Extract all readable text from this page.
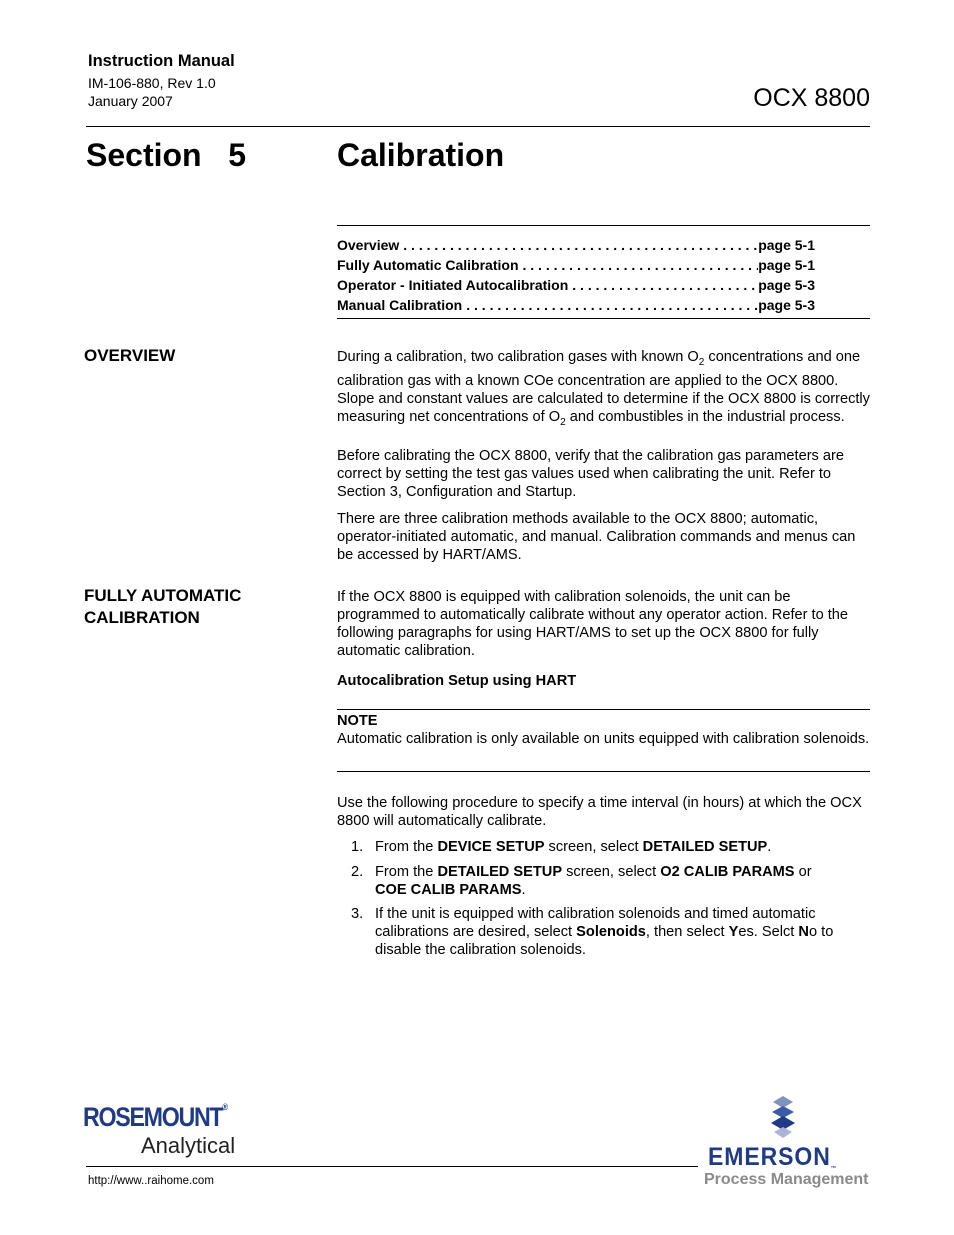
Instruction Manual
IM-106-880, Rev 1.0
January 2007	OCX 8800
Section 5	Calibration
Overview . . .	page 5-1
Fully Automatic Calibration . . .	page 5-1
Operator - Initiated Autocalibration . . .	page 5-3
Manual Calibration . . .	page 5-3
OVERVIEW	During a calibration, two calibration gases with known $O_2$ concentrations and one calibration gas with a known COe concentration are applied to the OCX 8800. Slope and constant values are calculated to determine if the OCX 8800 is correctly measuring net concentrations of $O_2$ and combustibles in the industrial process.

Before calibrating the OCX 8800, verify that the calibration gas parameters are correct by setting the test gas values used when calibrating the unit. Refer to Section 3, Configuration and Startup.

There are three calibration methods available to the OCX 8800; automatic, operator-initiated automatic, and manual. Calibration commands and menus can be accessed by HART/AMS.

FULLY AUTOMATIC
CALIBRATION

If the OCX 8800 is equipped with calibration solenoids, the unit can be programmed to automatically calibrate without any operator action. Refer to the following paragraphs for using HART/AMS to set up the OCX 8800 for fully automatic calibration.

Autocalibration Setup using HART
NOTE

Automatic calibration is only available on units equipped with calibration solenoids.

Use the following procedure to specify a time interval (in hours) at which the OCX 8800 will automatically calibrate.

1. From the DEVICE SETUP screen, select DETAILED SETUP.
2. From the DETAILED SETUP screen, select O2 CALIB PARAMS or
COE CALIB PARAMS.
3. If the unit is equipped with calibration solenoids and timed automatic calibrations are desired, select Solenoids, then select Yes. Selct No to disable the calibration solenoids.
ROSEMOUNT®
Analytical
http://www..raihome.com
EMERSON™
Process Management
